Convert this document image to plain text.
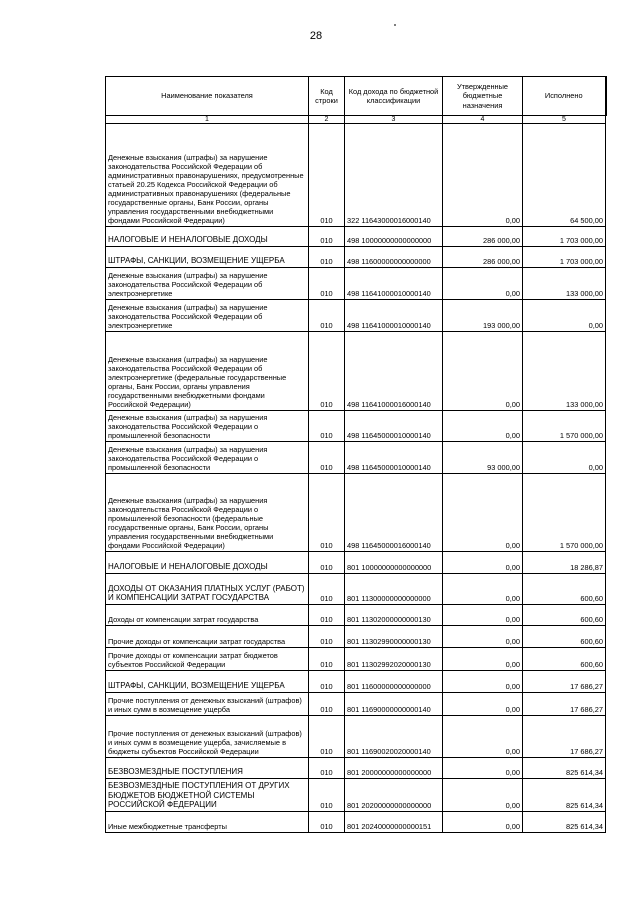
28
Наименование показателя	Код строки	Код дохода по бюджетной классификации	Утвержденные бюджетные назначения	Исполнено
1	2	3	4	5
Денежные взыскания (штрафы) за нарушение законодательства Российской Федерации об административных правонарушениях, предусмотренные статьей 20.25 Кодекса Российской Федерации об административных правонарушениях (федеральные государственные органы, Банк России, органы управления государственными внебюджетными фондами Российской Федерации)	010	322 11643000016000140	0,00	64 500,00
НАЛОГОВЫЕ И НЕНАЛОГОВЫЕ ДОХОДЫ	010	498 10000000000000000	286 000,00	1 703 000,00
ШТРАФЫ, САНКЦИИ, ВОЗМЕЩЕНИЕ УЩЕРБА	010	498 11600000000000000	286 000,00	1 703 000,00
Денежные взыскания (штрафы) за нарушение законодательства Российской Федерации об электроэнергетике	010	498 11641000010000140	0,00	133 000,00
Денежные взыскания (штрафы) за нарушение законодательства Российской Федерации об электроэнергетике	010	498 11641000010000140	193 000,00	0,00
Денежные взыскания (штрафы) за нарушение законодательства Российской Федерации об электроэнергетике (федеральные государственные органы, Банк России, органы управления государственными внебюджетными фондами Российской Федерации)	010	498 11641000016000140	0,00	133 000,00
Денежные взыскания (штрафы) за нарушения законодательства Российской Федерации о промышленной безопасности	010	498 11645000010000140	0,00	1 570 000,00
Денежные взыскания (штрафы) за нарушения законодательства Российской Федерации о промышленной безопасности	010	498 11645000010000140	93 000,00	0,00
Денежные взыскания (штрафы) за нарушения законодательства Российской Федерации о промышленной безопасности (федеральные государственные органы, Банк России, органы управления государственными внебюджетными фондами Российской Федерации)	010	498 11645000016000140	0,00	1 570 000,00
НАЛОГОВЫЕ И НЕНАЛОГОВЫЕ ДОХОДЫ	010	801 10000000000000000	0,00	18 286,87
ДОХОДЫ ОТ ОКАЗАНИЯ ПЛАТНЫХ УСЛУГ (РАБОТ) И КОМПЕНСАЦИИ ЗАТРАТ ГОСУДАРСТВА	010	801 11300000000000000	0,00	600,60
Доходы от компенсации затрат государства	010	801 11302000000000130	0,00	600,60
Прочие доходы от компенсации затрат государства	010	801 11302990000000130	0,00	600,60
Прочие доходы от компенсации затрат бюджетов субъектов Российской Федерации	010	801 11302992020000130	0,00	600,60
ШТРАФЫ, САНКЦИИ, ВОЗМЕЩЕНИЕ УЩЕРБА	010	801 11600000000000000	0,00	17 686,27
Прочие поступления от денежных взысканий (штрафов) и иных сумм в возмещение ущерба	010	801 11690000000000140	0,00	17 686,27
Прочие поступления от денежных взысканий (штрафов) и иных сумм в возмещение ущерба, зачисляемые в бюджеты субъектов Российской Федерации	010	801 11690020020000140	0,00	17 686,27
БЕЗВОЗМЕЗДНЫЕ ПОСТУПЛЕНИЯ	010	801 20000000000000000	0,00	825 614,34
БЕЗВОЗМЕЗДНЫЕ ПОСТУПЛЕНИЯ ОТ ДРУГИХ БЮДЖЕТОВ БЮДЖЕТНОЙ СИСТЕМЫ РОССИЙСКОЙ ФЕДЕРАЦИИ	010	801 20200000000000000	0,00	825 614,34
Иные межбюджетные трансферты	010	801 20240000000000151	0,00	825 614,34
